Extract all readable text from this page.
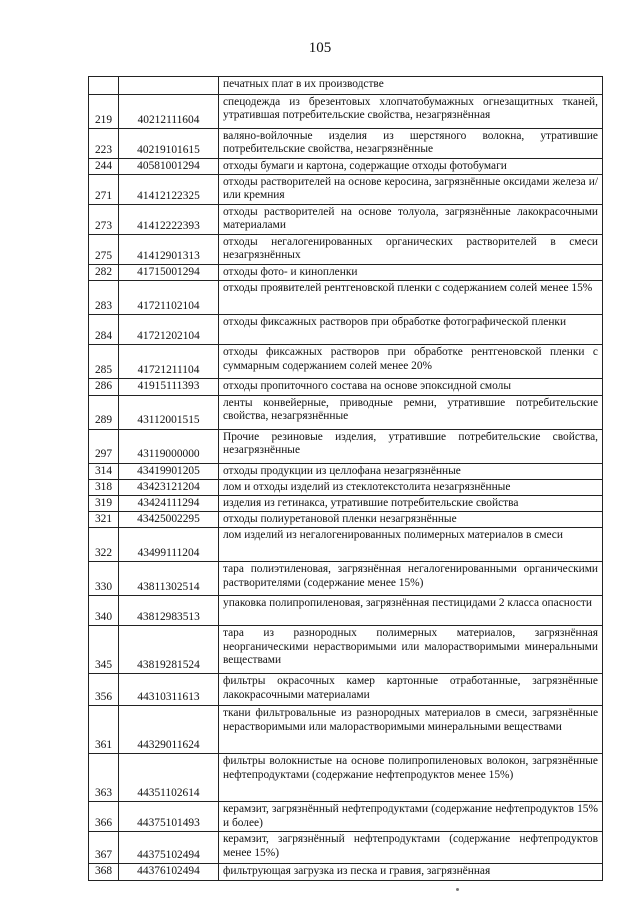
105
		печатных плат в их производстве
219	40212111604	спецодежда из брезентовых хлопчатобумажных огнезащитных тканей, утратившая потребительские свойства, незагрязнённая
223	40219101615	валяно-войлочные изделия из шерстяного волокна, утратившие потребительские свойства, незагрязнённые
244	40581001294	отходы бумаги и картона, содержащие отходы фотобумаги
271	41412122325	отходы растворителей на основе керосина, загрязнённые оксидами железа и/или кремния
273	41412222393	отходы растворителей на основе толуола, загрязнённые лакокрасочными материалами
275	41412901313	отходы негалогенированных органических растворителей в смеси незагрязнённых
282	41715001294	отходы фото- и кинопленки
283	41721102104	отходы проявителей рентгеновской пленки с содержанием солей менее 15%
284	41721202104	отходы фиксажных растворов при обработке фотографической пленки
285	41721211104	отходы фиксажных растворов при обработке рентгеновской пленки с суммарным содержанием солей менее 20%
286	41915111393	отходы пропиточного состава на основе эпоксидной смолы
289	43112001515	ленты конвейерные, приводные ремни, утратившие потребительские свойства, незагрязнённые
297	43119000000	Прочие резиновые изделия, утратившие потребительские свойства, незагрязнённые
314	43419901205	отходы продукции из целлофана незагрязнённые
318	43423121204	лом и отходы изделий из стеклотекстолита незагрязнённые
319	43424111294	изделия из гетинакса, утратившие потребительские свойства
321	43425002295	отходы полиуретановой пленки незагрязнённые
322	43499111204	лом изделий из негалогенированных полимерных материалов в смеси
330	43811302514	тара полиэтиленовая, загрязнённая негалогенированными органическими растворителями (содержание менее 15%)
340	43812983513	упаковка полипропиленовая, загрязнённая пестицидами 2 класса опасности
345	43819281524	тара из разнородных полимерных материалов, загрязнённая неорганическими нерастворимыми или малорастворимыми минеральными веществами
356	44310311613	фильтры окрасочных камер картонные отработанные, загрязнённые лакокрасочными материалами
361	44329011624	ткани фильтровальные из разнородных материалов в смеси, загрязнённые нерастворимыми или малорастворимыми минеральными веществами
363	44351102614	фильтры волокнистые на основе полипропиленовых волокон, загрязнённые нефтепродуктами (содержание нефтепродуктов менее 15%)
366	44375101493	керамзит, загрязнённый нефтепродуктами (содержание нефтепродуктов 15% и более)
367	44375102494	керамзит, загрязнённый нефтепродуктами (содержание нефтепродуктов менее 15%)
368	44376102494	фильтрующая загрузка из песка и гравия, загрязнённая
